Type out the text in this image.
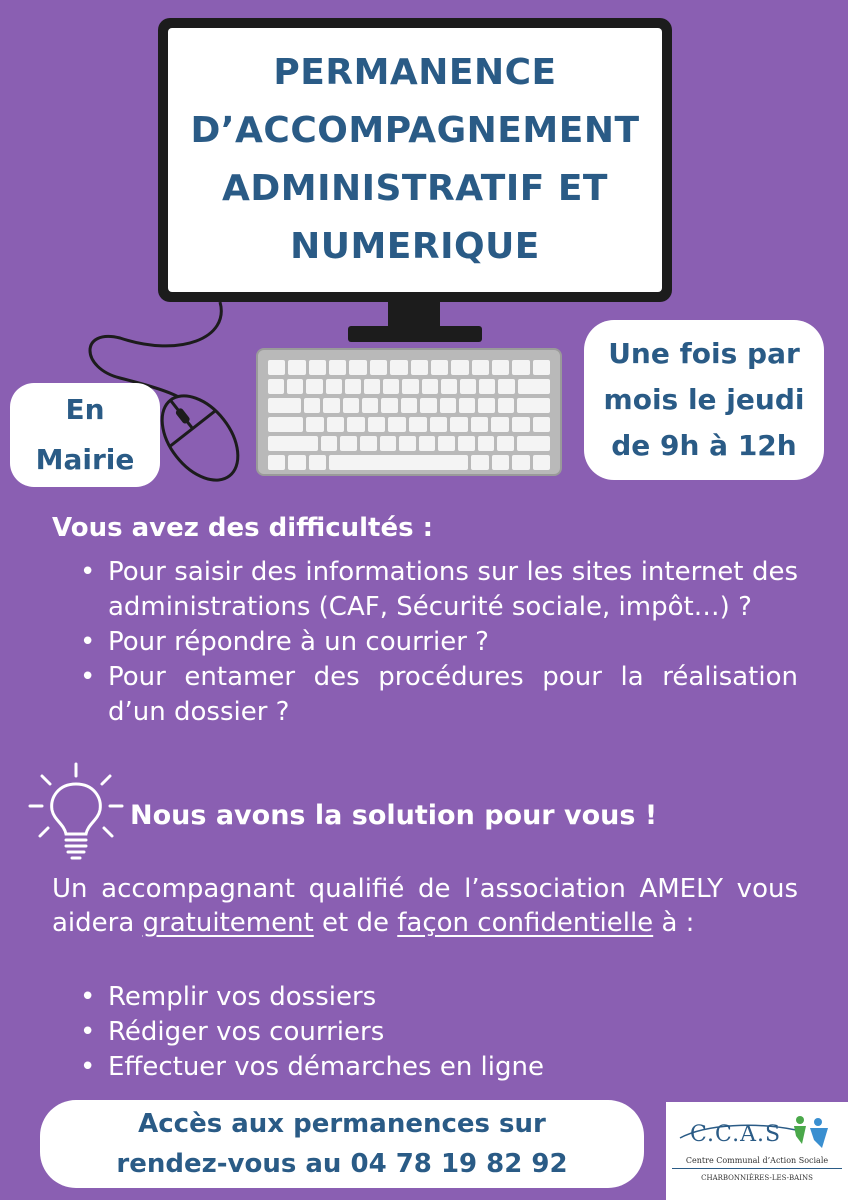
PERMANENCE
D’ACCOMPAGNEMENT
ADMINISTRATIF ET
NUMERIQUE

En
Mairie

Une fois par
mois le jeudi
de 9h à 12h

Vous avez des difficultés :
• Pour saisir des informations sur les sites internet des administrations (CAF, Sécurité sociale, impôt…) ?
• Pour répondre à un courrier ?
• Pour entamer des procédures pour la réalisation d’un dossier ?
Nous avons la solution pour vous !
Un accompagnant qualifié de l’association AMELY vous aidera gratuitement et de façon confidentielle à :
• Remplir vos dossiers
• Rédiger vos courriers
• Effectuer vos démarches en ligne

Accès aux permanences sur
rendez-vous au 04 78 19 82 92

C.C.A.S
Centre Communal d’Action Sociale
CHARBONNIÈRES-LES-BAINS
